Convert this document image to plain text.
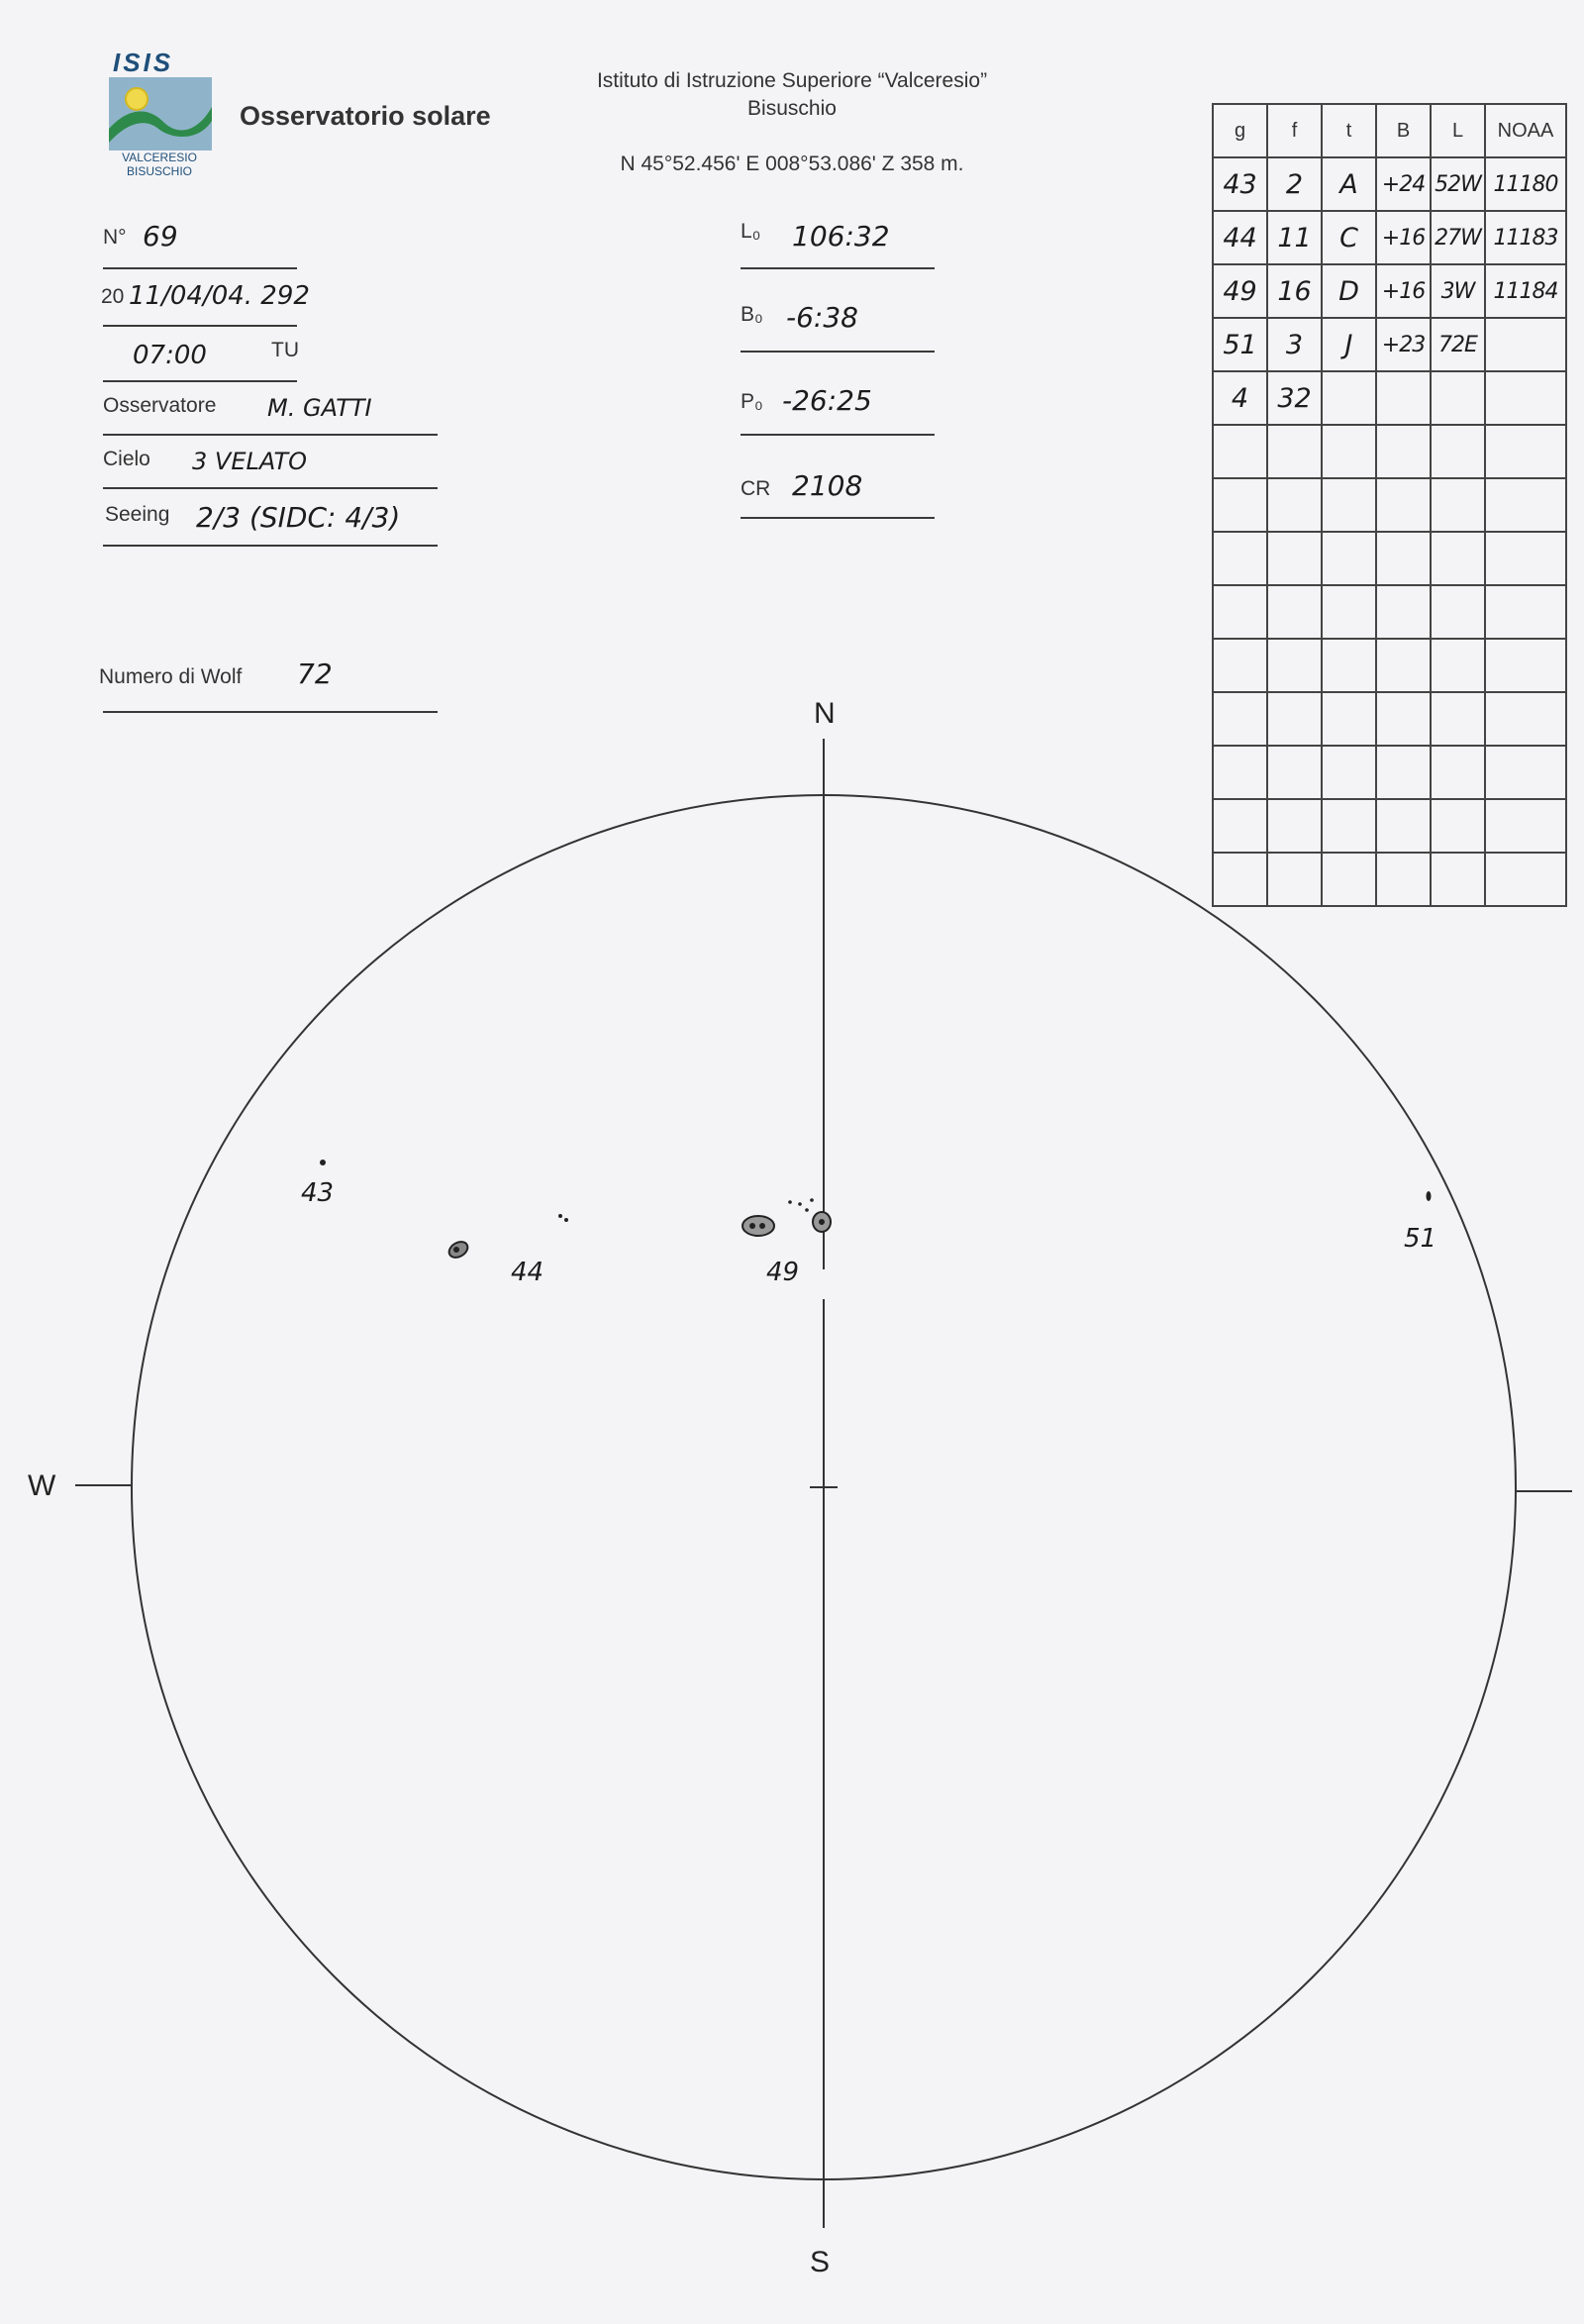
ISIS
VALCERESIO
BISUSCHIO
Osservatorio solare
Istituto di Istruzione Superiore “Valceresio”
Bisuschio
N 45°52.456' E 008°53.086' Z 358 m.
N° 69
20 11/04/04. 292
07:00	TU
Osservatore M. GATTI
Cielo 3 VELATO
Seeing 2/3 (SIDC: 4/3)
Numero di Wolf 72
L₀ 106:32
B₀ -6:38
P₀ -26:25
CR 2108
g	f	t	B	L	NOAA
43	2	A	+24	52W	11180
44	11	C	+16	27W	11183
49	16	D	+16	3W	11184
51	3	J	+23	72E	
4	32				

N
S
W
43
44	49
51
